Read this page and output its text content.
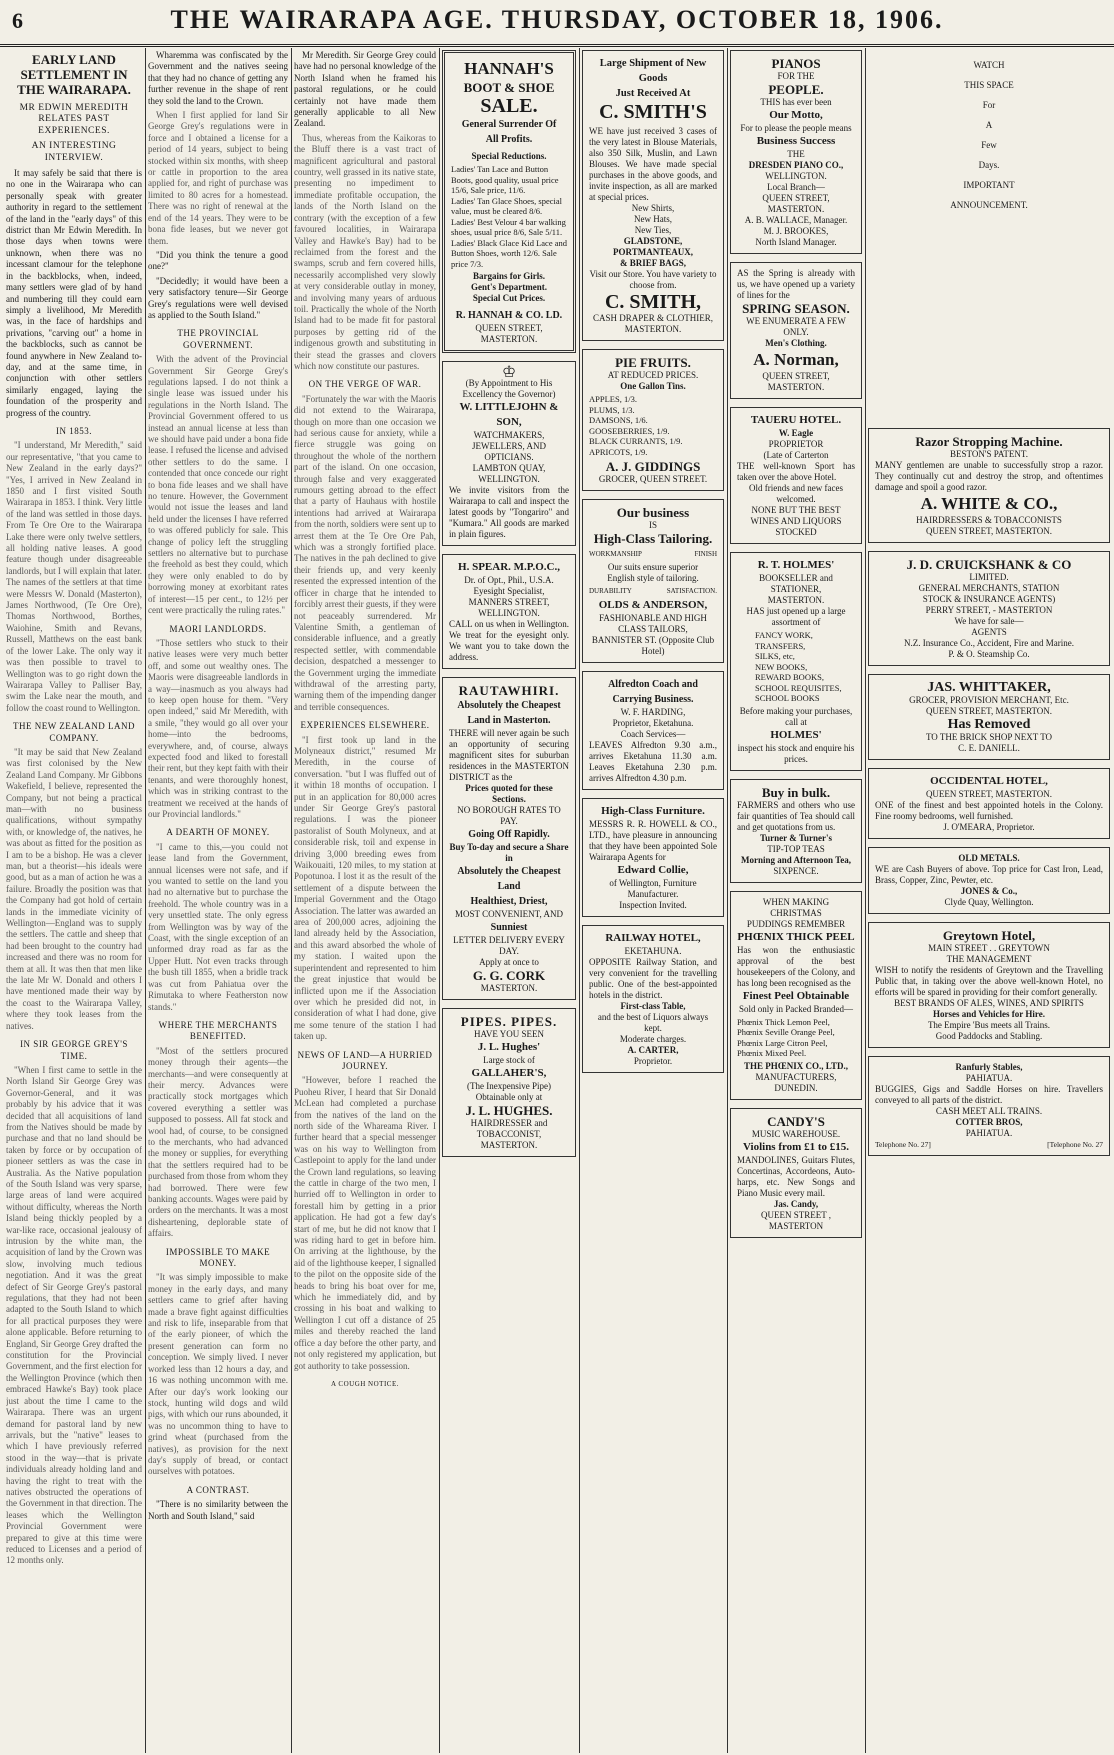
6	THE WAIRARAPA AGE. THURSDAY, OCTOBER 18, 1906.
EARLY LAND SETTLEMENT IN THE WAIRARAPA.
MR EDWIN MEREDITH RELATES PAST EXPERIENCES.
AN INTERESTING INTERVIEW.

It may safely be said that there is no one in the Wairarapa who can personally speak with greater authority in regard to the settlement of the land in the "early days" of this district than Mr Edwin Meredith. In those days when towns were unknown, when there was no incessant clamour for the telephone in the backblocks, when, indeed, many settlers were glad of by hand and numbering till they could earn simply a livelihood, Mr Meredith was, in the face of hardships and privations, "carving out" a home in the backblocks, such as cannot be found anywhere in New Zealand to-day, and at the same time, in conjunction with other settlers similarly engaged, laying the foundation of the prosperity and progress of the country.

IN 1853.

"I understand, Mr Meredith," said our representative, "that you came to New Zealand in the early days?" "Yes, I arrived in New Zealand in 1850 and I first visited South Wairarapa in 1853. I think. Very little of the land was settled in those days. From Te Ore Ore to the Wairarapa Lake there were only twelve settlers, all holding native leases. A good feature though under disagreeable landlords, but I will explain that later. The names of the settlers at that time were Messrs W. Donald (Masterton), James Northwood, (Te Ore Ore), Thomas Northwood, Borthes, Waiohine, Smith and Revans, Russell, Matthews on the east bank of the lower Lake. The only way it was then possible to travel to Wellington was to go right down the Wairarapa Valley to Palliser Bay, swim the Lake near the mouth, and follow the coast round to Wellington.

THE NEW ZEALAND LAND COMPANY.

"It may be said that New Zealand was first colonised by the New Zealand Land Company. Mr Gibbons Wakefield, I believe, represented the Company, but not being a practical man—with no business qualifications, without sympathy with, or knowledge of, the natives, he was about as fitted for the position as I am to be a bishop. He was a clever man, but a theorist—his ideals were good, but as a man of action he was a failure. Broadly the position was that the Company had got hold of certain lands in the immediate vicinity of Wellington—England was to supply the settlers. The cattle and sheep that had been brought to the country had increased and there was no room for them at all. It was then that men like the late Mr W. Donald and others I have mentioned made their way by the coast to the Wairarapa Valley, where they took leases from the natives.

IN SIR GEORGE GREY'S TIME.

"When I first came to settle in the North Island Sir George Grey was Governor-General, and it was probably by his advice that it was decided that all acquisitions of land from the Natives should be made by purchase and that no land should be taken by force or by occupation of pioneer settlers as was the case in Australia. As the Native population of the South Island was very sparse, large areas of land were acquired without difficulty, whereas the North Island being thickly peopled by a war-like race, occasional jealousy of intrusion by the white man, the acquisition of land by the Crown was slow, involving much tedious negotiation. And it was the great defect of Sir George Grey's pastoral regulations, that they had not been adapted to the South Island to which for all practical purposes they were alone applicable. Before returning to England, Sir George Grey drafted the constitution for the Provincial Government, and the first election for the Wellington Province (which then embraced Hawke's Bay) took place just about the time I came to the Wairarapa. There was an urgent demand for pastoral land by new arrivals, but the "native" leases to which I have previously referred stood in the way—that is private individuals already holding land and having the right to treat with the natives obstructed the operations of the Government in that direction. The leases which the Wellington Provincial Government were prepared to give at this time were reduced to Licenses and a period of 12 months only.

Wharemma was confiscated by the Government and the natives seeing that they had no chance of getting any further revenue in the shape of rent they sold the land to the Crown.

When I first applied for land Sir George Grey's regulations were in force and I obtained a license for a period of 14 years, subject to being stocked within six months, with sheep or cattle in proportion to the area applied for, and right of purchase was limited to 80 acres for a homestead. There was no right of renewal at the end of the 14 years. They were to be bona fide leases, but we never got them.

"Did you think the tenure a good one?"

"Decidedly; it would have been a very satisfactory tenure—Sir George Grey's regulations were well devised as applied to the South Island."

THE PROVINCIAL GOVERNMENT.

With the advent of the Provincial Government Sir George Grey's regulations lapsed. I do not think a single lease was issued under his regulations in the North Island. The Provincial Government offered to us instead an annual license at less than we should have paid under a bona fide lease. I refused the license and advised other settlers to do the same. I contended that once concede our right to bona fide leases and we shall have no tenure. However, the Government would not issue the leases and land held under the licenses I have referred to was offered publicly for sale. This change of policy left the struggling settlers no alternative but to purchase the freehold as best they could, which they were only enabled to do by borrowing money at exorbitant rates of interest—15 per cent., to 12½ per cent were practically the ruling rates."

MAORI LANDLORDS.

"Those settlers who stuck to their native leases were very much better off, and some out wealthy ones. The Maoris were disagreeable landlords in a way—inasmuch as you always had to keep open house for them. "Very open indeed," said Mr Meredith, with a smile, "they would go all over your home—into the bedrooms, everywhere, and, of course, always expected food and liked to forestall their rent, but they kept faith with their tenants, and were thoroughly honest, which was in striking contrast to the treatment we received at the hands of our Provincial landlords."

A DEARTH OF MONEY.

"I came to this,—you could not lease land from the Government, annual licenses were not safe, and if you wanted to settle on the land you had no alternative but to purchase the freehold. The whole country was in a very unsettled state. The only egress from Wellington was by way of the Coast, with the single exception of an unformed dray road as far as the Upper Hutt. Not even tracks through the bush till 1855, when a bridle track was cut from Pahiatua over the Rimutaka to where Featherston now stands."

WHERE THE MERCHANTS BENEFITED.

"Most of the settlers procured money through their agents—the merchants—and were consequently at their mercy. Advances were practically stock mortgages which covered everything a settler was supposed to possess. All fat stock and wool had, of course, to be consigned to the merchants, who had advanced the money or supplies, for everything that the settlers required had to be purchased from those from whom they had borrowed. There were few banking accounts. Wages were paid by orders on the merchants. It was a most disheartening, deplorable state of affairs.

IMPOSSIBLE TO MAKE MONEY.

"It was simply impossible to make money in the early days, and many settlers came to grief after having made a brave fight against difficulties and risk to life, inseparable from that of the early pioneer, of which the present generation can form no conception. We simply lived. I never worked less than 12 hours a day, and 16 was nothing uncommon with me. After our day's work looking our stock, hunting wild dogs and wild pigs, with which our runs abounded, it was no uncommon thing to have to grind wheat (purchased from the natives), as provision for the next day's supply of bread, or contact ourselves with potatoes.

A CONTRAST.

"There is no similarity between the North and South Island," said

Mr Meredith. Sir George Grey could have had no personal knowledge of the North Island when he framed his pastoral regulations, or he could certainly not have made them generally applicable to all New Zealand.

Thus, whereas from the Kaikoras to the Bluff there is a vast tract of magnificent agricultural and pastoral country, well grassed in its native state, presenting no impediment to immediate profitable occupation, the lands of the North Island on the contrary (with the exception of a few favoured localities, in Wairarapa Valley and Hawke's Bay) had to be reclaimed from the forest and the swamps, scrub and fern covered hills, necessarily accomplished very slowly at very considerable outlay in money, and involving many years of arduous toil. Practically the whole of the North Island had to be made fit for pastoral purposes by getting rid of the indigenous growth and substituting in their stead the grasses and clovers which now constitute our pastures.

ON THE VERGE OF WAR.

"Fortunately the war with the Maoris did not extend to the Wairarapa, though on more than one occasion we had serious cause for anxiety, while a fierce struggle was going on throughout the whole of the northern part of the island. On one occasion, through false and very exaggerated rumours getting abroad to the effect that a party of Hauhaus with hostile intentions had arrived at Wairarapa from the north, soldiers were sent up to arrest them at the Te Ore Ore Pah, which was a strongly fortified place. The natives in the pah declined to give their friends up, and very keenly resented the expressed intention of the officer in charge that he intended to forcibly arrest their guests, if they were not peaceably surrendered. Mr Valentine Smith, a gentleman of considerable influence, and a greatly respected settler, with commendable decision, despatched a messenger to the Government urging the immediate withdrawal of the arresting party, warning them of the impending danger and terrible consequences.

EXPERIENCES ELSEWHERE.

"I first took up land in the Molyneaux district," resumed Mr Meredith, in the course of conversation. "but I was fluffed out of it within 18 months of occupation. I put in an application for 80,000 acres under Sir George Grey's pastoral regulations. I was the pioneer pastoralist of South Molyneux, and at considerable risk, toil and expense in driving 3,000 breeding ewes from Waikouaiti, 120 miles, to my station at Popotunoa. I lost it as the result of the settlement of a dispute between the Imperial Government and the Otago Association. The latter was awarded an area of 200,000 acres, adjoining the land already held by the Association, and this award absorbed the whole of my station. I waited upon the superintendent and represented to him the great injustice that would be inflicted upon me if the Association over which he presided did not, in consideration of what I had done, give me some tenure of the station I had taken up.

NEWS OF LAND—A HURRIED JOURNEY.

"However, before I reached the Puoheu River, I heard that Sir Donald McLean had completed a purchase from the natives of the land on the north side of the Whareama River. I further heard that a special messenger was on his way to Wellington from Castlepoint to apply for the land under the Crown land regulations, so leaving the cattle in charge of the two men, I hurried off to Wellington in order to forestall him by getting in a prior application. He had got a few day's start of me, but he did not know that I was riding hard to get in before him. On arriving at the lighthouse, by the aid of the lighthouse keeper, I signalled to the pilot on the opposite side of the heads to bring his boat over for me, which he immediately did, and by crossing in his boat and walking to Wellington I cut off a distance of 25 miles and thereby reached the land office a day before the other party, and not only registered my application, but got authority to take possession.

A COUGH NOTICE.
HANNAH'S
BOOT & SHOE
SALE.
General Surrender Of
All Profits.
Special Reductions.
Ladies' Tan Lace and Button Boots, good quality, usual price 15/6, Sale price, 11/6.
Ladies' Tan Glace Shoes, special value, must be cleared 8/6.
Ladies' Best Velour 4 bar walking shoes, usual price 8/6, Sale 5/11.
Ladies' Black Glace Kid Lace and Button Shoes, worth 12/6. Sale price 7/3.
Bargains for Girls.
Gent's Department.
Special Cut Prices.
R. HANNAH & CO. LD.
QUEEN STREET, MASTERTON.
♔
(By Appointment to His Excellency the Governor)
W. LITTLEJOHN & SON,
WATCHMAKERS, JEWELLERS, AND OPTICIANS.
LAMBTON QUAY, WELLINGTON.
We invite visitors from the Wairarapa to call and inspect the latest goods by "Tongariro" and "Kumara." All goods are marked in plain figures.
H. SPEAR. M.P.O.C.,
Dr. of Opt., Phil., U.S.A.
Eyesight Specialist,
MANNERS STREET, WELLINGTON.
CALL on us when in Wellington. We treat for the eyesight only. We want you to take down the address.
RAUTAWHIRI.
Absolutely the Cheapest Land in Masterton.
THERE will never again be such an opportunity of securing magnificent sites for suburban residences in the MASTERTON DISTRICT as the
Prices quoted for these Sections.
NO BOROUGH RATES TO PAY.
Going Off Rapidly.
Buy To-day and secure a Share in
Absolutely the Cheapest Land
Healthiest, Driest,
MOST CONVENIENT, AND
Sunniest
LETTER DELIVERY EVERY DAY.
Apply at once to
G. G. CORK
MASTERTON.
PIPES. PIPES.
HAVE YOU SEEN
J. L. Hughes'
Large stock of
GALLAHER'S,
(The Inexpensive Pipe)
Obtainable only at
J. L. HUGHES.
HAIRDRESSER and TOBACCONIST,
MASTERTON.
Large Shipment of New Goods
Just Received At
C. SMITH'S
WE have just received 3 cases of the very latest in Blouse Materials, also 350 Silk, Muslin, and Lawn Blouses. We have made special purchases in the above goods, and invite inspection, as all are marked at special prices.
New Shirts,
New Hats,
New Ties,
GLADSTONE,
PORTMANTEAUX,
& BRIEF BAGS,
Visit our Store. You have variety to choose from.
C. SMITH,
CASH DRAPER & CLOTHIER,
MASTERTON.
PIE FRUITS.
AT REDUCED PRICES.
One Gallon Tins.
APPLES, 1/3.
PLUMS, 1/3.
DAMSONS, 1/6.
GOOSEBERRIES, 1/9.
BLACK CURRANTS, 1/9.
APRICOTS, 1/9.
A. J. GIDDINGS
GROCER, QUEEN STREET.
Our business
IS
High-Class Tailoring.
WORKMANSHIP	FINISH
Our suits ensure superior English style of tailoring.
DURABILITY	SATISFACTION.
OLDS & ANDERSON,
FASHIONABLE AND HIGH CLASS TAILORS,
BANNISTER ST. (Opposite Club Hotel)
Alfredton Coach and Carrying Business.
W. F. HARDING,
Proprietor, Eketahuna.
Coach Services—
LEAVES Alfredton 9.30 a.m., arrives Eketahuna 11.30 a.m. Leaves Eketahuna 2.30 p.m. arrives Alfredton 4.30 p.m.
High-Class Furniture.
MESSRS R. R. HOWELL & CO., LTD., have pleasure in announcing that they have been appointed Sole Wairarapa Agents for
Edward Collie,
of Wellington, Furniture Manufacturer.
Inspection Invited.
RAILWAY HOTEL,
EKETAHUNA.
OPPOSITE Railway Station, and very convenient for the travelling public. One of the best-appointed hotels in the district.
First-class Table,
and the best of Liquors always kept.
Moderate charges.
A. CARTER,
Proprietor.
PIANOS
FOR THE
PEOPLE.
THIS has ever been
Our Motto,
For to please the people means
Business Success
THE
DRESDEN PIANO CO.,
WELLINGTON.
Local Branch—
QUEEN STREET, MASTERTON.
A. B. WALLACE, Manager.
M. J. BROOKES,
North Island Manager.
AS the Spring is already with us, we have opened up a variety of lines for the
SPRING SEASON.
WE ENUMERATE A FEW ONLY.
Men's Clothing.
A. Norman,
QUEEN STREET, MASTERTON.
TAUERU HOTEL.
W. Eagle
PROPRIETOR
(Late of Carterton
THE well-known Sport has taken over the above Hotel.
Old friends and new faces welcomed.
NONE BUT THE BEST WINES AND LIQUORS STOCKED
R. T. HOLMES'
BOOKSELLER and STATIONER,
MASTERTON.
HAS just opened up a large assortment of
FANCY WORK,
TRANSFERS,
SILKS, etc,
NEW BOOKS,
REWARD BOOKS,
SCHOOL REQUISITES,
SCHOOL BOOKS
Before making your purchases, call at
HOLMES'
inspect his stock and enquire his prices.
Buy in bulk.
FARMERS and others who use fair quantities of Tea should call and get quotations from us.
Turner & Turner's
TIP-TOP TEAS
Morning and Afternoon Tea,
SIXPENCE.
WHEN MAKING CHRISTMAS
PUDDINGS REMEMBER
PHŒNIX THICK PEEL
Has won the enthusiastic approval of the best housekeepers of the Colony, and has long been recognised as the
Finest Peel Obtainable
Sold only in Packed Branded—
Phœnix Thick Lemon Peel,
Phœnix Seville Orange Peel,
Phœnix Large Citron Peel,
Phœnix Mixed Peel.
THE PHŒNIX CO., LTD.,
MANUFACTURERS, DUNEDIN.
CANDY'S
MUSIC WAREHOUSE.
Violins from £1 to £15.
MANDOLINES, Guitars Flutes, Concertinas, Accordeons, Auto-harps, etc. New Songs and Piano Music every mail.
Jas. Candy,
QUEEN STREET , MASTERTON
WATCH
THIS SPACE
For
A
Few
Days.
IMPORTANT
ANNOUNCEMENT.
Razor Stropping Machine.
BESTON'S PATENT.
MANY gentlemen are unable to successfully strop a razor. They continually cut and destroy the strop, and oftentimes damage and spoil a good razor.
A. WHITE & CO.,
HAIRDRESSERS & TOBACCONISTS
QUEEN STREET, MASTERTON.
J. D. CRUICKSHANK & CO
LIMITED.
GENERAL MERCHANTS, STATION
STOCK & INSURANCE AGENTS)
PERRY STREET, - MASTERTON
We have for sale—
AGENTS
N.Z. Insurance Co., Accident, Fire and Marine.
P. & O. Steamship Co.
JAS. WHITTAKER,
GROCER, PROVISION MERCHANT, Etc.
QUEEN STREET, MASTERTON.
Has Removed
TO THE BRICK SHOP NEXT TO
C. E. DANIELL.
OCCIDENTAL HOTEL,
QUEEN STREET, MASTERTON.
ONE of the finest and best appointed hotels in the Colony. Fine roomy bedrooms, well furnished.
J. O'MEARA, Proprietor.
OLD METALS.
WE are Cash Buyers of above. Top price for Cast Iron, Lead, Brass, Copper, Zinc, Pewter, etc.
JONES & Co.,
Clyde Quay, Wellington.
Greytown Hotel,
MAIN STREET . . GREYTOWN
THE MANAGEMENT
WISH to notify the residents of Greytown and the Travelling Public that, in taking over the above well-known Hotel, no efforts will be spared in providing for their comfort generally.
BEST BRANDS OF ALES, WINES, AND SPIRITS
Horses and Vehicles for Hire.
The Empire 'Bus meets all Trains.
Good Paddocks and Stabling.
Ranfurly Stables,
PAHIATUA.
BUGGIES, Gigs and Saddle Horses on hire. Travellers conveyed to all parts of the district.
CASH MEET ALL TRAINS.
COTTER BROS,
PAHIATUA.
Telephone No. 27]	[Telephone No. 27
